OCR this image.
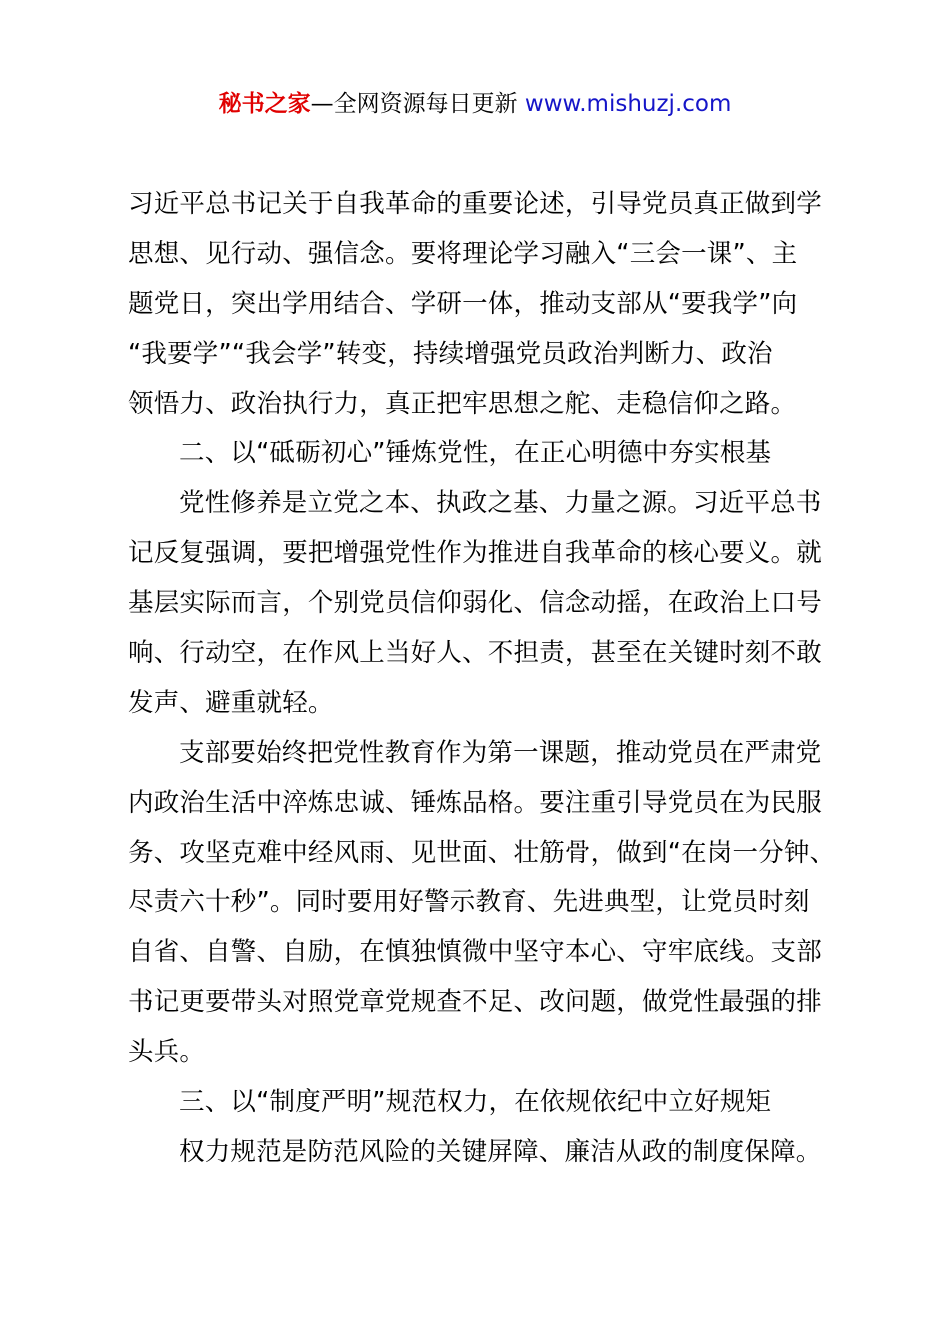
秘书之家—全网资源每日更新 www.mishuzj.com
习近平总书记关于自我革命的重要论述，引导党员真正做到学
思想、见行动、强信念。要将理论学习融入“三会一课”、主
题党日，突出学用结合、学研一体，推动支部从“要我学”向
“我要学”“我会学”转变，持续增强党员政治判断力、政治
领悟力、政治执行力，真正把牢思想之舵、走稳信仰之路。
二、以“砥砺初心”锤炼党性，在正心明德中夯实根基
党性修养是立党之本、执政之基、力量之源。习近平总书
记反复强调，要把增强党性作为推进自我革命的核心要义。就
基层实际而言，个别党员信仰弱化、信念动摇，在政治上口号
响、行动空，在作风上当好人、不担责，甚至在关键时刻不敢
发声、避重就轻。
支部要始终把党性教育作为第一课题，推动党员在严肃党
内政治生活中淬炼忠诚、锤炼品格。要注重引导党员在为民服
务、攻坚克难中经风雨、见世面、壮筋骨，做到“在岗一分钟、
尽责六十秒”。同时要用好警示教育、先进典型，让党员时刻
自省、自警、自励，在慎独慎微中坚守本心、守牢底线。支部
书记更要带头对照党章党规查不足、改问题，做党性最强的排
头兵。
三、以“制度严明”规范权力，在依规依纪中立好规矩
权力规范是防范风险的关键屏障、廉洁从政的制度保障。
